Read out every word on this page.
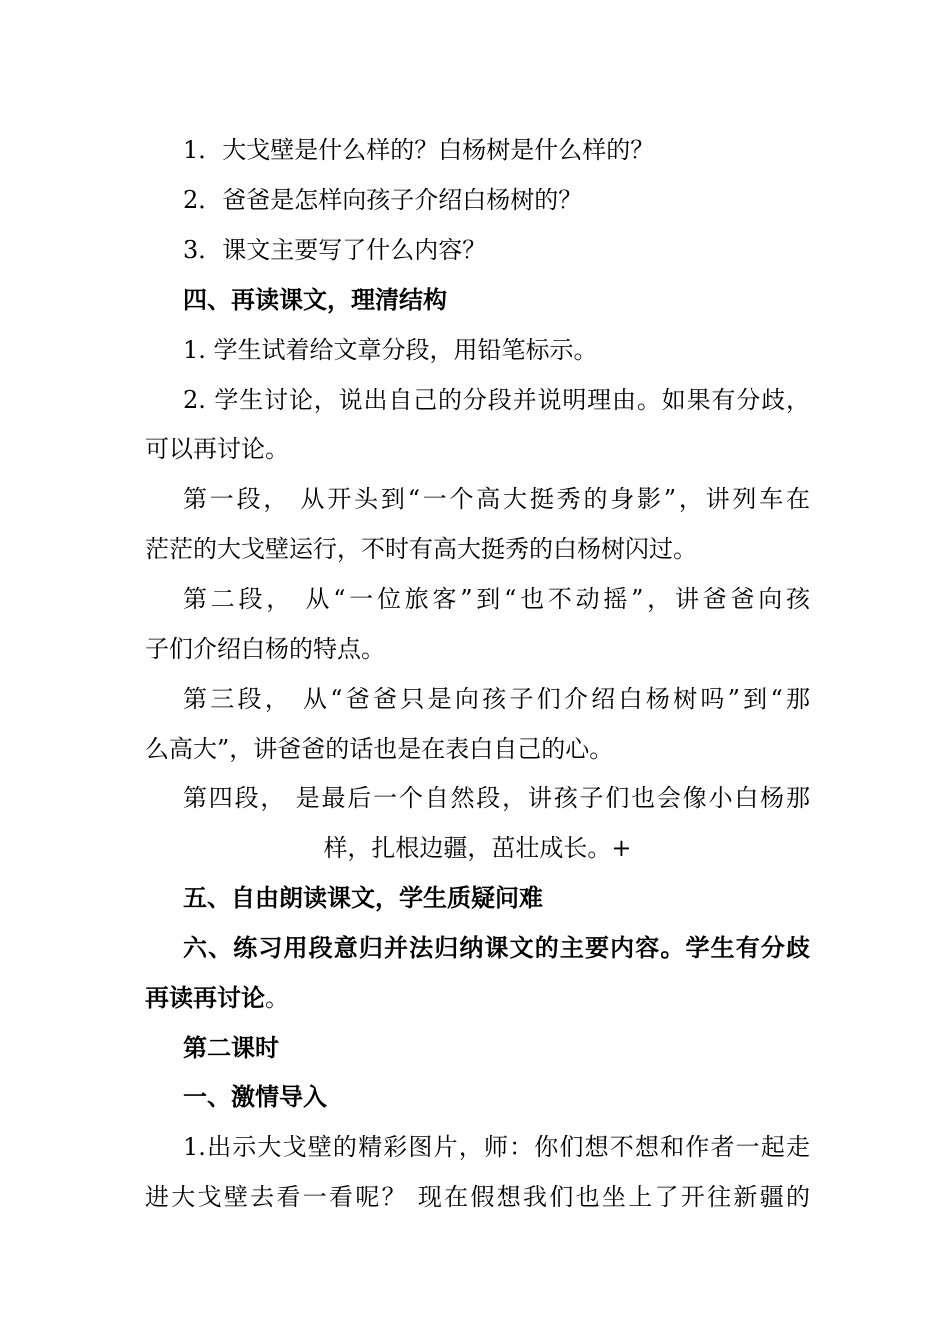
1．大戈壁是什么样的？白杨树是什么样的？
2．爸爸是怎样向孩子介绍白杨树的？
3．课文主要写了什么内容？
四、再读课文，理清结构
1. 学生试着给文章分段，用铅笔标示。
2. 学生讨论，说出自己的分段并说明理由。如果有分歧，
可以再讨论。
第一段， 从开头到“一个高大挺秀的身影”，讲列车在
茫茫的大戈壁运行，不时有高大挺秀的白杨树闪过。
第二段， 从“一位旅客”到“也不动摇”，讲爸爸向孩
子们介绍白杨的特点。
第三段， 从“爸爸只是向孩子们介绍白杨树吗”到“那
么高大”，讲爸爸的话也是在表白自己的心。
第四段， 是最后一个自然段，讲孩子们也会像小白杨那
样，扎根边疆，茁壮成长。+
五、自由朗读课文，学生质疑问难
六、练习用段意归并法归纳课文的主要内容。学生有分歧
再读再讨论。
第二课时
一、激情导入
1.出示大戈壁的精彩图片，师：你们想不想和作者一起走
进大戈壁去看一看呢？ 现在假想我们也坐上了开往新疆的
